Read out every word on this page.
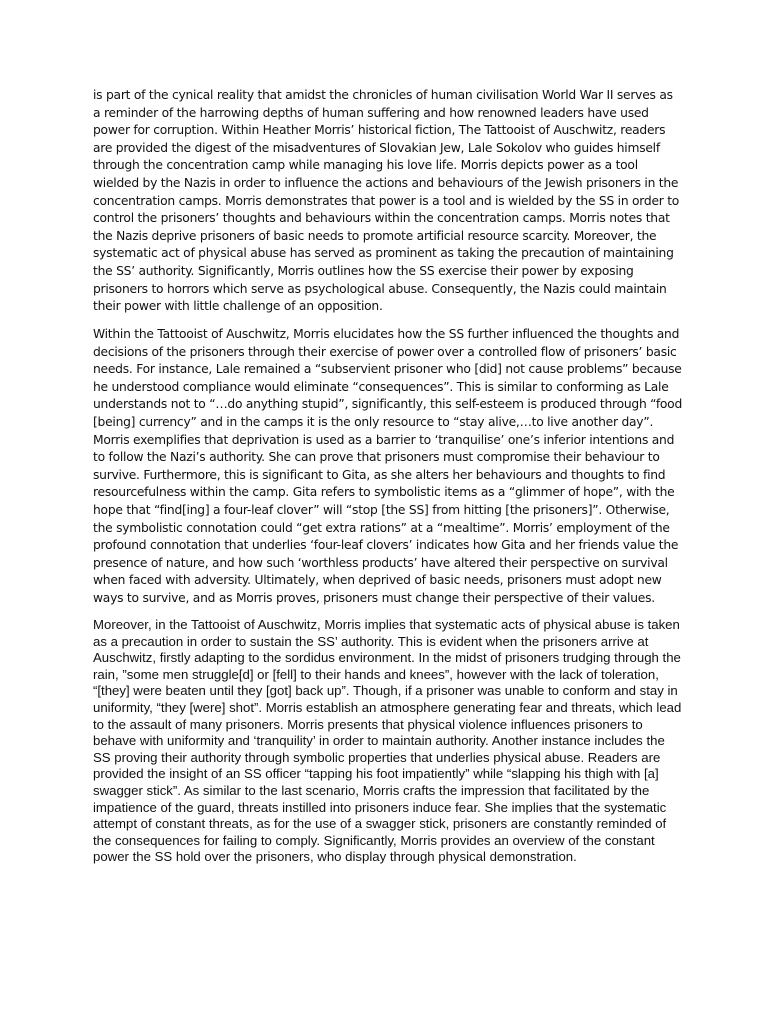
is part of the cynical reality that amidst the chronicles of human civilisation World War II serves as a reminder of the harrowing depths of human suffering and how renowned leaders have used power for corruption. Within Heather Morris’ historical fiction, The Tattooist of Auschwitz, readers are provided the digest of the misadventures of Slovakian Jew, Lale Sokolov who guides himself through the concentration camp while managing his love life. Morris depicts power as a tool wielded by the Nazis in order to influence the actions and behaviours of the Jewish prisoners in the concentration camps. Morris demonstrates that power is a tool and is wielded by the SS in order to control the prisoners’ thoughts and behaviours within the concentration camps. Morris notes that the Nazis deprive prisoners of basic needs to promote artificial resource scarcity. Moreover, the systematic act of physical abuse has served as prominent as taking the precaution of maintaining the SS’ authority. Significantly, Morris outlines how the SS exercise their power by exposing prisoners to horrors which serve as psychological abuse. Consequently, the Nazis could maintain their power with little challenge of an opposition.

Within the Tattooist of Auschwitz, Morris elucidates how the SS further influenced the thoughts and decisions of the prisoners through their exercise of power over a controlled flow of prisoners’ basic needs. For instance, Lale remained a “subservient prisoner who [did] not cause problems” because he understood compliance would eliminate “consequences”. This is similar to conforming as Lale understands not to “…do anything stupid”, significantly, this self-esteem is produced through “food [being] currency” and in the camps it is the only resource to “stay alive,…to live another day”. Morris exemplifies that deprivation is used as a barrier to ‘tranquilise’ one’s inferior intentions and to follow the Nazi’s authority. She can prove that prisoners must compromise their behaviour to survive. Furthermore, this is significant to Gita, as she alters her behaviours and thoughts to find resourcefulness within the camp. Gita refers to symbolistic items as a “glimmer of hope”, with the hope that “find[ing] a four-leaf clover” will “stop [the SS] from hitting [the prisoners]”. Otherwise, the symbolistic connotation could “get extra rations” at a “mealtime”. Morris’ employment of the profound connotation that underlies ‘four-leaf clovers’ indicates how Gita and her friends value the presence of nature, and how such ‘worthless products’ have altered their perspective on survival when faced with adversity. Ultimately, when deprived of basic needs, prisoners must adopt new ways to survive, and as Morris proves, prisoners must change their perspective of their values.

Moreover, in the Tattooist of Auschwitz, Morris implies that systematic acts of physical abuse is taken as a precaution in order to sustain the SS’ authority. This is evident when the prisoners arrive at Auschwitz, firstly adapting to the sordidus environment. In the midst of prisoners trudging through the rain, ”some men struggle[d] or [fell] to their hands and knees”, however with the lack of toleration, “[they] were beaten until they [got] back up”. Though, if a prisoner was unable to conform and stay in uniformity, “they [were] shot”. Morris establish an atmosphere generating fear and threats, which lead to the assault of many prisoners. Morris presents that physical violence influences prisoners to behave with uniformity and ‘tranquility’ in order to maintain authority. Another instance includes the SS proving their authority through symbolic properties that underlies physical abuse. Readers are provided the insight of an SS officer “tapping his foot impatiently” while “slapping his thigh with [a] swagger stick”. As similar to the last scenario, Morris crafts the impression that facilitated by the impatience of the guard, threats instilled into prisoners induce fear. She implies that the systematic attempt of constant threats, as for the use of a swagger stick, prisoners are constantly reminded of the consequences for failing to comply. Significantly, Morris provides an overview of the constant power the SS hold over the prisoners, who display through physical demonstration.
